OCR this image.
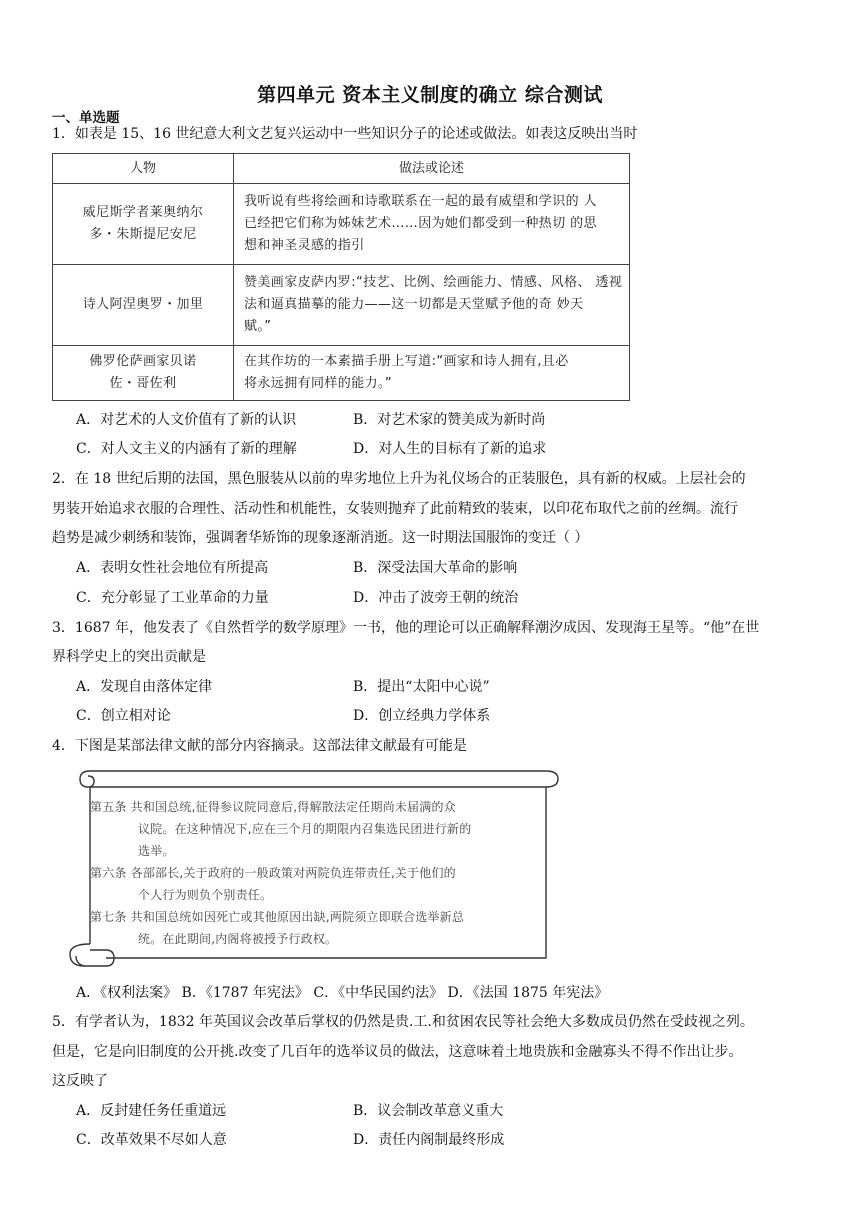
第四单元 资本主义制度的确立 综合测试
一、单选题
1．如表是 15、16 世纪意大利文艺复兴运动中一些知识分子的论述或做法。如表这反映出当时
人物	做法或论述

威尼斯学者莱奥纳尔
多・朱斯提尼安尼	我听说有些将绘画和诗歌联系在一起的最有威望和学识的 人
已经把它们称为姊妹艺术……因为她们都受到一种热切 的思
想和神圣灵感的指引

诗人阿涅奥罗・加里	赞美画家皮萨内罗:“技艺、比例、绘画能力、情感、风格、 透视
法和逼真描摹的能力——这一切都是天堂赋予他的奇 妙天
赋。”

佛罗伦萨画家贝诺
佐・哥佐利	在其作坊的一本素描手册上写道:“画家和诗人拥有,且必
将永远拥有同样的能力。”
A．对艺术的人文价值有了新的认识	B．对艺术家的赞美成为新时尚
C．对人文主义的内涵有了新的理解	D．对人生的目标有了新的追求
2．在 18 世纪后期的法国，黑色服装从以前的卑劣地位上升为礼仪场合的正装服色，具有新的权威。上层社会的
男装开始追求衣服的合理性、活动性和机能性，女装则抛弃了此前精致的装束，以印花布取代之前的丝绸。流行
趋势是减少刺绣和装饰，强调奢华矫饰的现象逐渐消逝。这一时期法国服饰的变迁（ ）
A．表明女性社会地位有所提高	B．深受法国大革命的影响
C．充分彰显了工业革命的力量	D．冲击了波旁王朝的统治
3．1687 年，他发表了《自然哲学的数学原理》一书，他的理论可以正确解释潮汐成因、发现海王星等。“他”在世
界科学史上的突出贡献是
A．发现自由落体定律	B．提出“太阳中心说”
C．创立相对论	D．创立经典力学体系
4．下图是某部法律文献的部分内容摘录。这部法律文献最有可能是
第五条 共和国总统,征得参议院同意后,得解散法定任期尚未届满的众
议院。在这种情况下,应在三个月的期限内召集选民团进行新的
选举。
第六条 各部部长,关于政府的一般政策对两院负连带责任,关于他们的
个人行为则负个别责任。
第七条 共和国总统如因死亡或其他原因出缺,两院须立即联合选举新总
统。在此期间,内阁将被授予行政权。
A．《权利法案》 B．《1787 年宪法》 C．《中华民国约法》 D．《法国 1875 年宪法》
5．有学者认为，1832 年英国议会改革后掌权的仍然是贵.工.和贫困农民等社会绝大多数成员仍然在受歧视之列。
但是，它是向旧制度的公开挑.改变了几百年的选举议员的做法，这意味着土地贵族和金融寡头不得不作出让步。
这反映了
A．反封建任务任重道远	B．议会制改革意义重大
C．改革效果不尽如人意	D．责任内阁制最终形成
